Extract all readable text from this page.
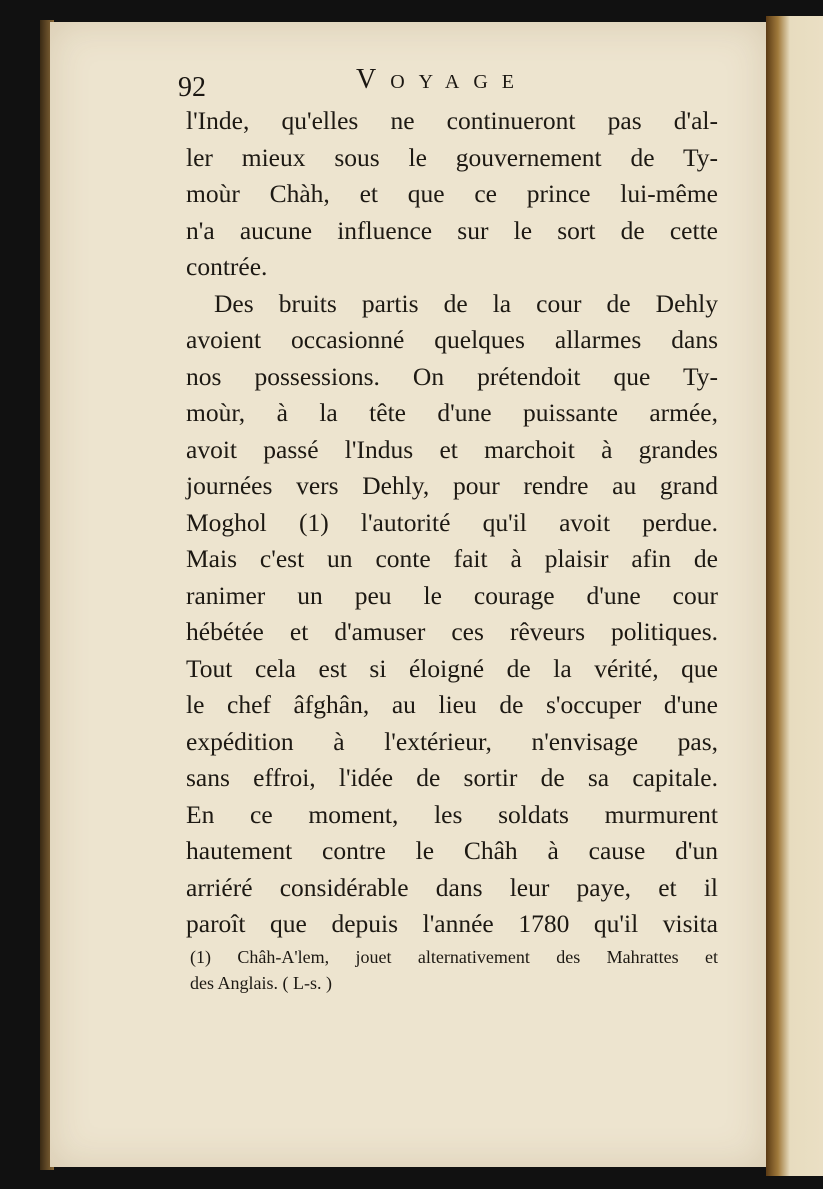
92	Voyage

l'Inde, qu'elles ne continueront pas d'al-
ler mieux sous le gouvernement de Ty-
moùr Chàh, et que ce prince lui-même
n'a aucune influence sur le sort de cette
contrée.
Des bruits partis de la cour de Dehly
avoient occasionné quelques allarmes dans
nos possessions. On prétendoit que Ty-
moùr, à la tête d'une puissante armée,
avoit passé l'Indus et marchoit à grandes
journées vers Dehly, pour rendre au grand
Moghol (1) l'autorité qu'il avoit perdue.
Mais c'est un conte fait à plaisir afin de
ranimer un peu le courage d'une cour
hébétée et d'amuser ces rêveurs politiques.
Tout cela est si éloigné de la vérité, que
le chef âfghân, au lieu de s'occuper d'une
expédition à l'extérieur, n'envisage pas,
sans effroi, l'idée de sortir de sa capitale.
En ce moment, les soldats murmurent
hautement contre le Châh à cause d'un
arriéré considérable dans leur paye, et il
paroît que depuis l'année 1780 qu'il visita

(1) Châh-A'lem, jouet alternativement des Mahrattes et
des Anglais. ( L-s. )
